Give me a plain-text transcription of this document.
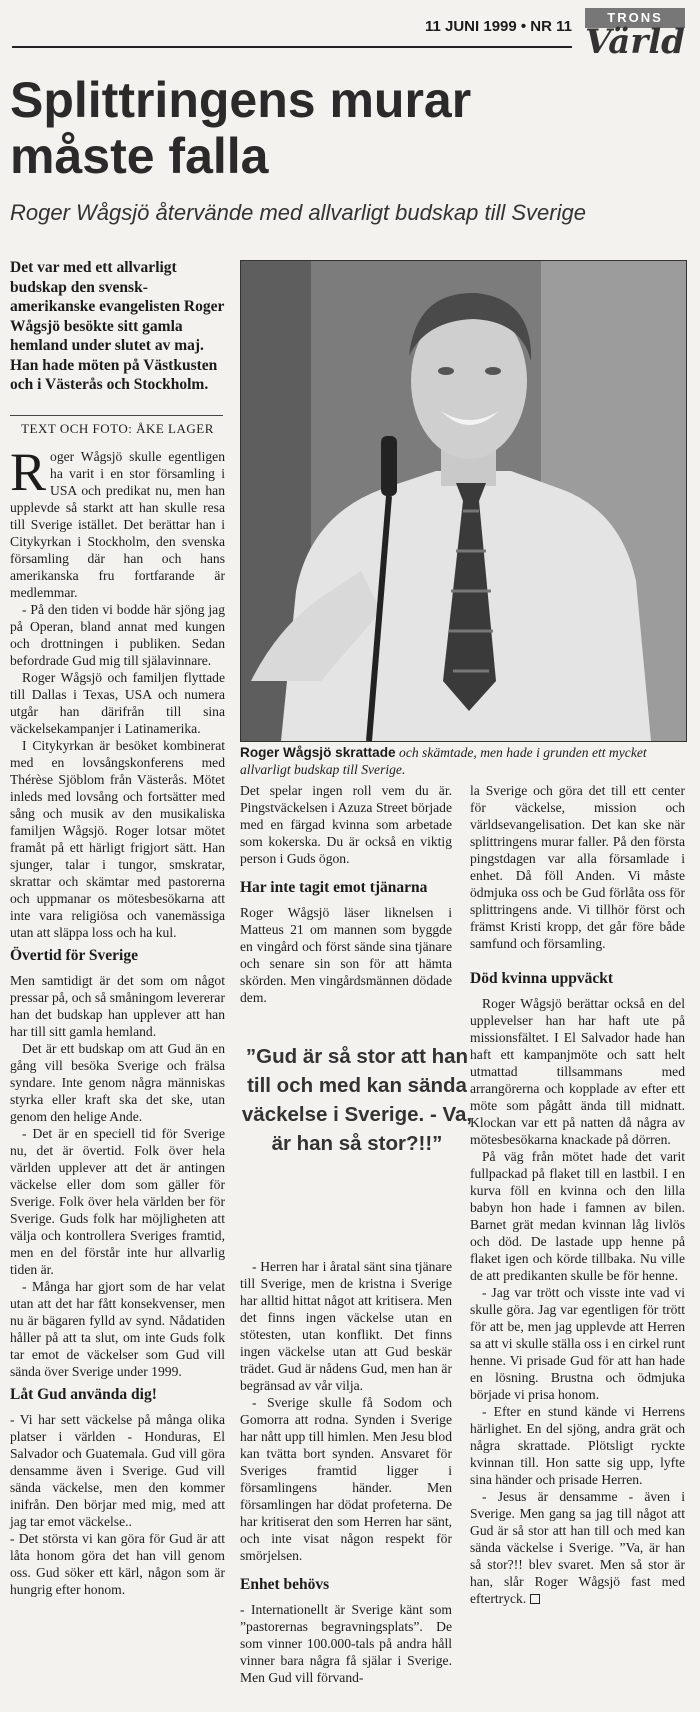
11 JUNI 1999 • NR 11
TRONS
Värld
Splittringens murar
måste falla
Roger Wågsjö återvände med allvarligt budskap till Sverige
Det var med ett allvarligt budskap den svensk-amerikanske evangelisten Roger Wågsjö besökte sitt gamla hemland under slutet av maj. Han hade möten på Västkusten och i Västerås och Stockholm.
TEXT OCH FOTO: ÅKE LAGER
Roger Wågsjö skrattade och skämtade, men hade i grunden ett mycket allvarligt budskap till Sverige.

Roger Wågsjö skulle egentligen ha varit i en stor församling i USA och predikat nu, men han upplevde så starkt att han skulle resa till Sverige istället. Det berättar han i Citykyrkan i Stockholm, den svenska församling där han och hans amerikanska fru fortfarande är medlemmar.

- På den tiden vi bodde här sjöng jag på Operan, bland annat med kungen och drottningen i publiken. Sedan befordrade Gud mig till själavinnare.

Roger Wågsjö och familjen flyttade till Dallas i Texas, USA och numera utgår han därifrån till sina väckelsekampanjer i Latinamerika.

I Citykyrkan är besöket kombinerat med en lovsångskonferens med Thérèse Sjöblom från Västerås. Mötet inleds med lovsång och fortsätter med sång och musik av den musikaliska familjen Wågsjö. Roger lotsar mötet framåt på ett härligt frigjort sätt. Han sjunger, talar i tungor, smskratar, skrattar och skämtar med pastorerna och uppmanar os mötesbesökarna att inte vara religiösa och vanemässiga utan att släppa loss och ha kul.

Övertid för Sverige

Men samtidigt är det som om något pressar på, och så småningom levererar han det budskap han upplever att han har till sitt gamla hemland.

Det är ett budskap om att Gud än en gång vill besöka Sverige och frälsa syndare. Inte genom några människas styrka eller kraft ska det ske, utan genom den helige Ande.

- Det är en speciell tid för Sverige nu, det är övertid. Folk över hela världen upplever att det är antingen väckelse eller dom som gäller för Sverige. Folk över hela världen ber för Sverige. Guds folk har möjligheten att välja och kontrollera Sveriges framtid, men en del förstår inte hur allvarlig tiden är.

- Många har gjort som de har velat utan att det har fått konsekvenser, men nu är bägaren fylld av synd. Nådatiden håller på att ta slut, om inte Guds folk tar emot de väckelser som Gud vill sända över Sverige under 1999.

Låt Gud använda dig!

- Vi har sett väckelse på många olika platser i världen - Honduras, El Salvador och Guatemala. Gud vill göra densamme även i Sverige. Gud vill sända väckelse, men den kommer inifrån. Den börjar med mig, med att jag tar emot väckelse..

- Det största vi kan göra för Gud är att låta honom göra det han vill genom oss. Gud söker ett kärl, någon som är hungrig efter honom.

Det spelar ingen roll vem du är. Pingstväckelsen i Azuza Street började med en färgad kvinna som arbetade som kokerska. Du är också en viktig person i Guds ögon.

Har inte tagit emot tjänarna

Roger Wågsjö läser liknelsen i Matteus 21 om mannen som byggde en vingård och först sände sina tjänare och senare sin son för att hämta skörden. Men vingårdsmännen dödade dem.

”Gud är så stor att han till och med kan sända väckelse i Sverige. - Va, är han så stor?!!”

- Herren har i åratal sänt sina tjänare till Sverige, men de kristna i Sverige har alltid hittat något att kritisera. Men det finns ingen väckelse utan en stötesten, utan konflikt. Det finns ingen väckelse utan att Gud beskär trädet. Gud är nådens Gud, men han är begränsad av vår vilja.

- Sverige skulle få Sodom och Gomorra att rodna. Synden i Sverige har nått upp till himlen. Men Jesu blod kan tvätta bort synden. Ansvaret för Sveriges framtid ligger i församlingens händer. Men församlingen har dödat profeterna. De har kritiserat den som Herren har sänt, och inte visat någon respekt för smörjelsen.

Enhet behövs

- Internationellt är Sverige känt som ”pastorernas begravningsplats”. De som vinner 100.000-tals på andra håll vinner bara några få själar i Sverige. Men Gud vill förvand-

la Sverige och göra det till ett center för väckelse, mission och världsevangelisation. Det kan ske när splittringens murar faller. På den första pingstdagen var alla församlade i enhet. Då föll Anden. Vi måste ödmjuka oss och be Gud förlåta oss för splittringens ande. Vi tillhör först och främst Kristi kropp, det går före både samfund och församling.

Död kvinna uppväckt

Roger Wågsjö berättar också en del upplevelser han har haft ute på missionsfältet. I El Salvador hade han haft ett kampanjmöte och satt helt utmattad tillsammans med arrangörerna och kopplade av efter ett möte som pågått ända till midnatt. Klockan var ett på natten då några av mötesbesökarna knackade på dörren.

På väg från mötet hade det varit fullpackad på flaket till en lastbil. I en kurva föll en kvinna och den lilla babyn hon hade i famnen av bilen. Barnet grät medan kvinnan låg livlös och död. De lastade upp henne på flaket igen och körde tillbaka. Nu ville de att predikanten skulle be för henne.

- Jag var trött och visste inte vad vi skulle göra. Jag var egentligen för trött för att be, men jag upplevde att Herren sa att vi skulle ställa oss i en cirkel runt henne. Vi prisade Gud för att han hade en lösning. Brustna och ödmjuka började vi prisa honom.

- Efter en stund kände vi Herrens härlighet. En del sjöng, andra grät och några skrattade. Plötsligt ryckte kvinnan till. Hon satte sig upp, lyfte sina händer och prisade Herren.

- Jesus är densamme - även i Sverige. Men gang sa jag till något att Gud är så stor att han till och med kan sända väckelse i Sverige. ”Va, är han så stor?!! blev svaret. Men så stor är han, slår Roger Wågsjö fast med eftertryck.
